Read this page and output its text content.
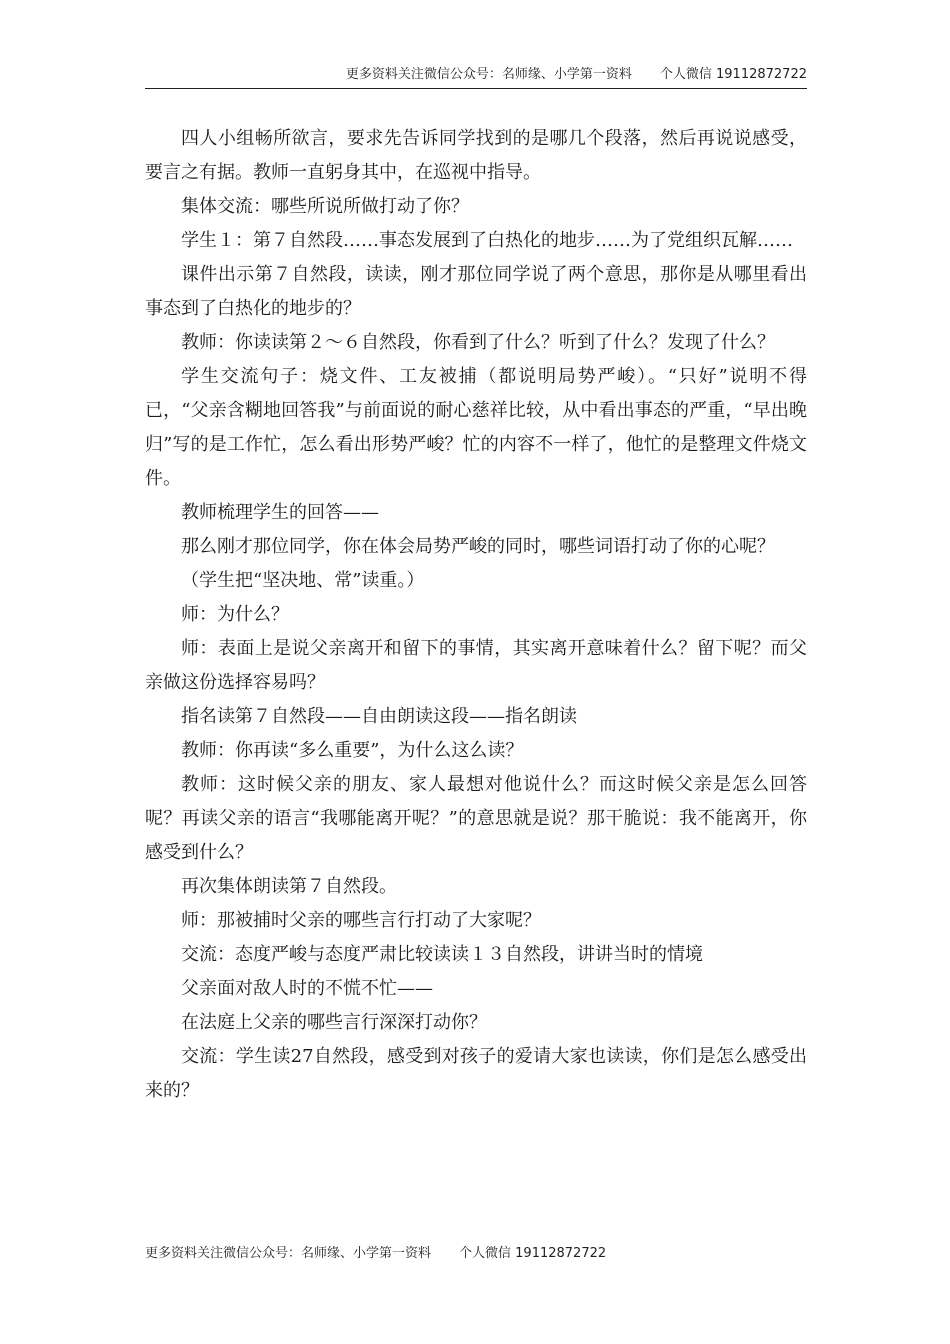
更多资料关注微信公众号：名师缘、小学第一资料 个人微信 19112872722

四人小组畅所欲言，要求先告诉同学找到的是哪几个段落，然后再说说感受，要言之有据。教师一直躬身其中，在巡视中指导。

集体交流：哪些所说所做打动了你？

学生１：第７自然段……事态发展到了白热化的地步……为了党组织瓦解……

课件出示第７自然段，读读，刚才那位同学说了两个意思，那你是从哪里看出事态到了白热化的地步的？

教师：你读读第２～６自然段，你看到了什么？听到了什么？发现了什么？

学生交流句子：烧文件、工友被捕（都说明局势严峻）。“只好”说明不得已，“父亲含糊地回答我”与前面说的耐心慈祥比较，从中看出事态的严重，“早出晚归”写的是工作忙，怎么看出形势严峻？忙的内容不一样了，他忙的是整理文件烧文件。

教师梳理学生的回答——

那么刚才那位同学，你在体会局势严峻的同时，哪些词语打动了你的心呢？

（学生把“坚决地、常”读重。）

师：为什么？

师：表面上是说父亲离开和留下的事情，其实离开意味着什么？留下呢？而父亲做这份选择容易吗？

指名读第７自然段——自由朗读这段——指名朗读

教师：你再读“多么重要”，为什么这么读？

教师：这时候父亲的朋友、家人最想对他说什么？而这时候父亲是怎么回答呢？再读父亲的语言“我哪能离开呢？”的意思就是说？那干脆说：我不能离开，你感受到什么？

再次集体朗读第７自然段。

师：那被捕时父亲的哪些言行打动了大家呢？

交流：态度严峻与态度严肃比较读读１３自然段，讲讲当时的情境

父亲面对敌人时的不慌不忙——

在法庭上父亲的哪些言行深深打动你？

交流：学生读27自然段，感受到对孩子的爱请大家也读读，你们是怎么感受出来的？

更多资料关注微信公众号：名师缘、小学第一资料 个人微信 19112872722
